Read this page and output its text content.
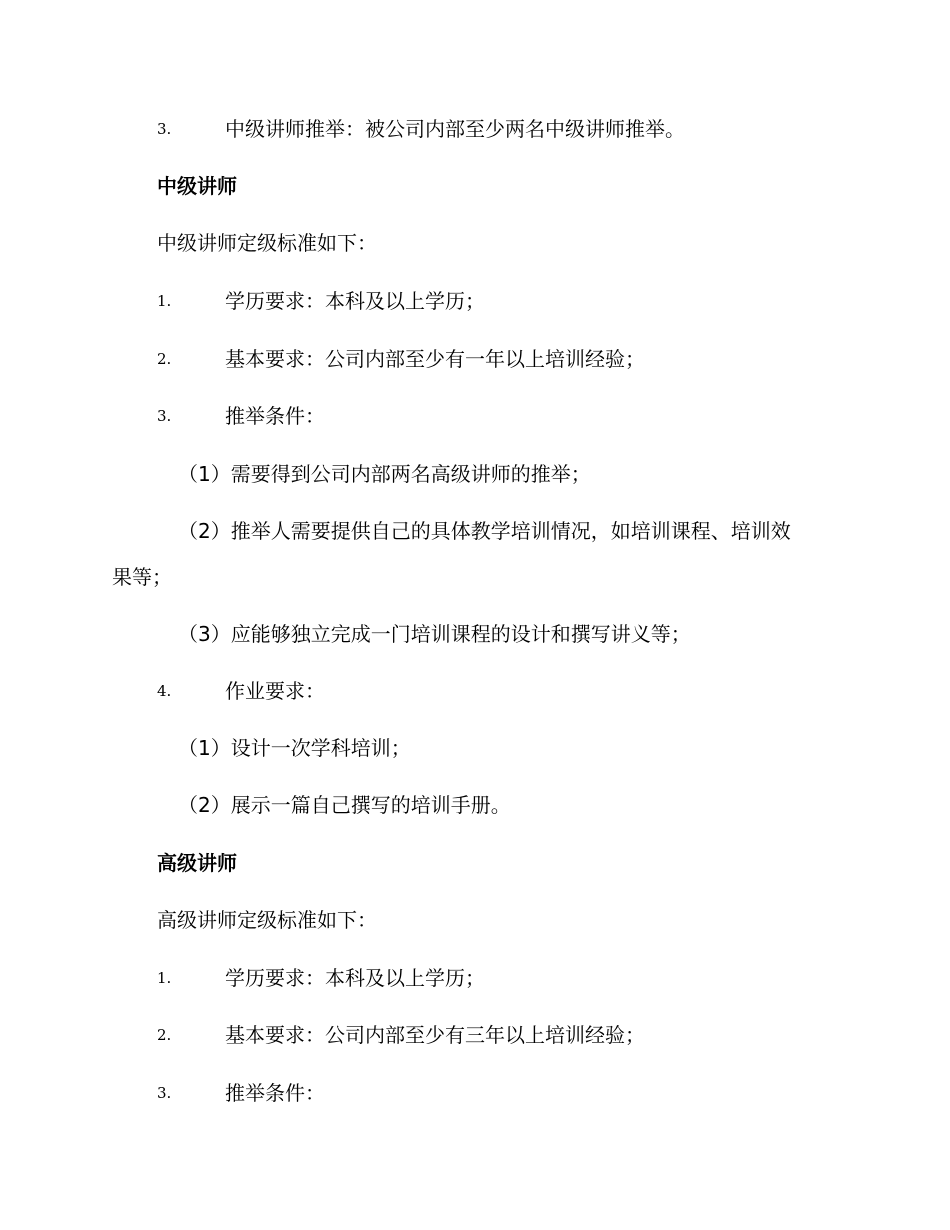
3.	中级讲师推举：被公司内部至少两名中级讲师推举。
中级讲师
中级讲师定级标准如下：
1.	学历要求：本科及以上学历；
2.	基本要求：公司内部至少有一年以上培训经验；
3.	推举条件：
（1）需要得到公司内部两名高级讲师的推举；
（2）推举人需要提供自己的具体教学培训情况，如培训课程、培训效
果等；
（3）应能够独立完成一门培训课程的设计和撰写讲义等；
4.	作业要求：
（1）设计一次学科培训；
（2）展示一篇自己撰写的培训手册。
高级讲师
高级讲师定级标准如下：
1.	学历要求：本科及以上学历；
2.	基本要求：公司内部至少有三年以上培训经验；
3.	推举条件：
